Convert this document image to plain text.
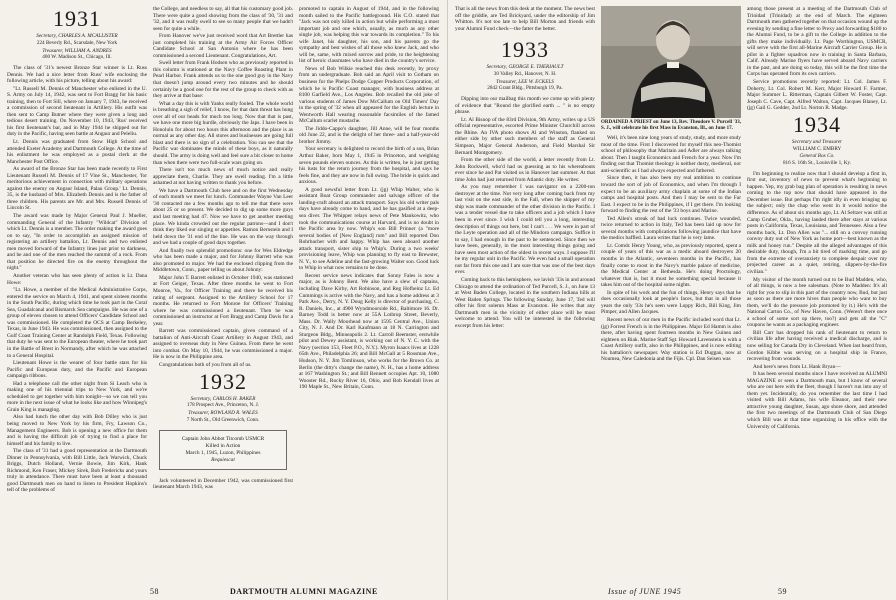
1931
Secretary, CHARLES A. MCALLISTER
224 Beverly Rd., Scarsdale, New York
Treasurer, WILLIAM A. ANDRES
400 W. Madison St., Chicago, Ill.

The class of '31's newest Bronze Star winner is Lt. Russ Dennis. We had a nice letter from Russ' wife enclosing the following article, with his picture, telling about his award:

"Lt. Russell M. Dennis of Manchester who enlisted in the U. S. Army on July 14, 1942, was sent to Fort Bragg for his basic training, then to Fort Sill, where on January 7, 1943, he received a commission of second lieutenant in Artillery. His outfit was then sent to Camp Butner where they were given a long and tedious desert training. On November 10, 1943, 'Rus' received his first lieutenant's bar, and in May 1944 he shipped out for duty in the Pacific, having seen battle at Angaur and Peleliu.

Lt. Dennis was graduated from Stow High School and attended Exeter Academy and Dartmouth College. At the time of his enlistment he was employed as a postal clerk at the Manchester Post Office.

As award of the Bronze Star has been made recently to First Lieutenant Russell M. Dennis of 17 Vine St., Manchester, 'for meritorious achievement in connection with military operations against the enemy on Angaur Island, Palau Group.' Lt. Dennis, 35, is the husband of Mrs. Elizabeth Dennis and is the father of three children. His parents are Mr. and Mrs. Russell Dennis of Lincoln St.

The award was made by Major General Paul J. Mueller, commanding General of the Infantry "Wildcat" Division of which Lt. Dennis is a member. The order making the award goes on to say, "In order to accomplish an assigned mission of registering an artillery battalion, Lt. Dennis and two enlisted men moved forward of the Infantry lines just prior to darkness, and he and one of the men reached the summit of a rock. From that position he directed fire on the enemy throughout the night."

Another veteran who has seen plenty of action is Lt. Dana Howe:

"Lt. Howe, a member of the Medical Administrative Corps, entered the service on March 4, 1941, and spent sixteen months in the South Pacific, during which time he took part in the Coral Sea, Guadalcanal and Bismarck Sea campaigns. He was one of a group of eleven chosen to attend Officers' Candidate School and was commissioned. He completed the OCS at Camp Berkeley, Texas, in June 1943. He was commissioned, then assigned to the Gulf Coast Training Center at Randolph Field, Texas. Following that duty he was sent to the European theater, where he took part in the Battle of Brest in Normandy, after which he was attached to a General Hospital.

Lieutenant Howe is the wearer of four battle stars for his Pacific and European duty, and the Pacific and European campaign ribbons.

Had a telephone call the other night from Si Leach who is making one of his triennial trips to New York, and we're scheduled to get together with him tonight—so we can tell you more in the next issue of what he looks like and how Winnipeg's Grain King is managing.

Also had lunch the other day with Bob Dilley who is just being moved to New York by his firm, Fry, Lawson Co., Management Engineers. Bob is opening a new office for them and is having the difficult job of trying to find a place for himself and his family to live.

The class of '31 had a good representation at the Dartmouth Dinner in Pennsylvania, with Bill Little, Jack Warwick, Chuck Briggs, Dutch Holland, Vernie Bowie, Jim Kirk, Hank Richmond, Ken Fraser, Mickey Sirek, Bob Fredericks and yours truly in attendance. There must have been at least a thousand good Dartmouth men on hand to listen to President Hopkins's tell of the problems of

the College, and needless to say, all that his customary good job. There were quite a good showing from the class of '30, '31 and '32, and it was really swell to see so many people that we hadn't seen for quite a while.

From Hanover we've just received word that Art Brettler has just completed his training at the Army Air Forces Officer Candidate School at San Antonio where he has been commissioned a second Lieutenant. Congratulations, Art.

Swell letter from Frank Hodsen who as previously reported in this column is stationed at the Navy Coffee Roasting Plant in Pearl Harbor. Frank attends us to the one good guy in the Navy that doesn't jump around every two minutes and he should certainly be a good one for the rest of the group to check with as they arrive at that base:

What a day this is with Yanks really fooled. The whole world is breathing a sigh of relief, I know, for that dam threat has hung over all of our heads for much too long. Now that that is past, we have one more big hurdle, obviously the Japs. I have been in Honolulu for about two hours this afternoon and the place is as normal as any other day. All stores and businesses are going full blast and there is no sign of a celebration. You can see that the Pacific war dominates the minds of these boys, as it naturally should. The army is doing well and feel sure a bit closer to home than when there were two full-scale wars going on.

There isn't too much news of much notice and really appreciate them, Charlie. They are swell reading. I'm a little ashamed at not having written to thank you before.

We have a Dartmouth Club here and on the first Wednesday of each month we meet for lunch. Commander Wayne Van Leer '30 contacted me a few months ago to tell me that there were about 25 or so present. We decided to dig up some more guys and last meeting had 47. Now we have to get another meeting place. We kinda crowded out the regular patrons—and I don't think they liked our singing or appetites. Ramon Bernstein and I held down the '31 end of the line. He was on the way through and we had a couple of good days together.

And finally two splendid promotions: one for Wes Eldredge who has been made a major, and for Johnny Barrett who was also promoted to major. We had the enclosed clipping from the Middletown, Conn., paper telling us about Johnny:

Major John T. Barrett enlisted in October 1940, was stationed at Fort Geiger, Texas. After three months he went to Fort Monroe, Va., for Officer Training and there he received his rating of sergeant. Assigned to the Artillery School for 17 months. He returned to Fort Monroe for Officers' Training where he was commissioned a lieutenant. Then he was commissioned an instructor at Fort Bragg and Camp Davis for a year.

Barrett was commissioned captain, given command of a battalion of Anti-Aircraft Coast Artillery in August 1943, and assigned to overseas duty in New Guinea. From there he went into combat. On May 10, 1944, he was commissioned a major. He is now in the Philippine area.

Congratulations both of you from all of us.

1932
Secretary, CARLOS H. BAKER
178 Prospect Ave., Princeton, N. J.
Treasurer, ROWLAND R. WALES
7 North St., Old Greenwich, Conn.
Captain John Abbot Titcomb USMCR
Killed in Action
March 1, 1945, Luzon, Philippines
Requiescat

Jack volunteered in December 1942, was commissioned first lieutenant March 1943, was

promoted to captain in August of 1944, and in the following month sailed to the Pacific battleground. His C.O. stated that "Jack was not only killed in action but while performing a most important job and one which, usually, as much as any other single job, was helping this war towards its completion." To his wife Janet, his daughter, his son, and his parents go the sympathy and best wishes of all those who knew Jack, and who will be, same, with mixed sorrow and pride, to the heightening list of heroic classmates who have died in the country's service.

News of Bob Wilkie reached this desk recently, by proxy from an undergraduate. Bob said an April visit to Gotham on business for the Phelps Dodge Copper Products Corporation, of which he is Pacific Coast manager, with business address at 8100 Garfield Ave., Los Angeles. Bob recalled the old joke of various students of James Dow McCallum on Old Timers' Day in the spring of '32 when all appeared for the English lecture in Wentworth Hall wearing reasonable facsimiles of the famed McCallum scarlet mustache.

The Jiddo-Cappo's daughter, Jill Anne, will be four months old June 22, and is the delight of her three- and a half-year-old brother Jimmy.

Your secretary is delighted to record the birth of a son, Brian Arthur Baker, born May 1, 1945 in Princeton, and weighing seven pounds eleven ounces. As this is written, he is just getting his lusts for the return journey from the hospital, and says he feels fine, and they are now in full swing. The bride is quick and anxious.

A good newsful letter from Lt. (jg) Whip Walter, who is assistant Boat Group commander and salvage officer of the landing-craft aboard an attack transport. Says his old writer pals days have already come to hand, and he has gasified at a deep-sea diver. The Whipper relays news of Pete Mankowitz, who took the communications course at Harvard, and is no doubt in the Pacific area by now. Whip's son Bill Prinner (a "more several bodies of [New England] rum" and Bill reported Don Rohrbacher with and happy. Whip has seen aboard another attack transport, sister ship to Whip's. During a two weeks' provisioning leave, Whip was planning to fly east to Brewster, N. Y., to see Adeline and the fast-growing Walter son. Good luck to Whip in what now remains to be done.

Recent service news indicates that Sonny Fales is now a major, as is Johnny Bent. We also have a slew of captains, including Dave Kirby, Art Robinson, and Reg Hofheinz Lt. Ed Cummings is active with the Navy, and has a home address at 3 Park Ave., Derry, N. Y. Doug Kelly is director of purchasing, C. R. Daniels, Inc., at 4900 Wyndmoorside Rd., Baltimore 16. Dr. Barney Todd is better now at 55A Lothrop Street, Beverly, Mass. Dr. Wally Moorhead now at 1595 Central Ave., Union City, N. J. And Dr. Karl Kaufmann at 18 N. Carrington and Sturgeon Bldg., Minneapolis 2. Lt. Carroll Beemster, erstwhile pilot and Dewey assistant, is working out of N. Y. C. with the Navy (section 153, Fleet P.O., N.Y.). Myron Isaacs lives at 1228 65th Ave., Philadelphia 26; and Bill McGall at 5 Rossman Ave., Hudson, N. Y. Jim Tomlinson, who works for the Brown Co. at Berlin (the ditty's change the name), N. H., has a home address at 167 Washington St.; and Bill Bennett occupies Apt. 10, 1080 Wooster Rd., Rocky River 16, Ohio, and Bob Kendall lives at 190 Maple St., New Britain, Conn.

58	DARTMOUTH ALUMNI MAGAZINE

That is all the news from this desk at the moment. The news best off the griddle, are Ted Brickyard, under the editorship of Jim Whitton. It's not too late to help Bill Morton and friends with your Alumni Fund check—the fatter the better.

1933
Secretary, GEORGE E. THERIAULT
30 Valley Rd., Hanover, N. H.
Treasurer, LEE W. ECKELS
2842 Grant Bldg., Pittsburgh 19, Pa.

Dipping into our mailbag this month we come up with plenty of evidence that "Round the glorified earth ... " is no empty phrase.

Lt. Al Bisnop of the 83rd Division, 9th Army, writes up a US official representative, escorted Prime Minister Churchill across the Rhine. An IVA photo shows Al and Winston, flanked on either side by other such members of the staff as General Simpson, Major General Anderson, and Field Marshal Sir Bernard Montgomery.

From the other side of the world, a letter recently from Lt. John Rockwell, who'd had us guessing as to his whereabouts ever since he and Pat visited us in Hanover last summer. At that time John had just returned from Atlantic duty. He writes:

As you may remember I was navigator on a 2200-ton destroyer at the time. Not very long after coming back from my last visit on the east side, in the Fall, when the skipper of my ship was made commander of the other division in the Pacific. I was a tender vessel due to take officers and a job which I have been in ever since. I wish I could tell you a long, interesting description of things out here, but I can't . . . We were in part of the Leyte operation and all of the Mindoro campaign. Suffice it to say, I had enough in the past to be sentenced. Since then we have been, generally, in the most interesting things going and have seen most action of the oldest in recent ways. I suppose I'll be my regular unit in the Pacific. We even had a small operation not far from this one and I am sure that was one of the best days ever.

Coming back to this hemisphere, we lavish '33s in and around Chicago to attend the ordination of Ted Purcell, S. J., on June 13 at West Baden College, located in the southern Indiana hills at West Baden Springs. The following Sunday, June 17, Ted will offer his first solemn Mass at Evanston. He writes that any Dartmouth men in the vicinity of either place will be most welcome to attend. You will be interested in the following excerpt from his letter:

ORDAINED A PRIEST on June 13, Rev. Theodore V. Purcell '33, S. J., will celebrate his first Mass in Evanston, Ill., on June 17.

Well, it's been nine long years of study, study, and more study most of the time. First I discovered for myself this neo-Thomist school of philosophy that Maritain and Adler are always talking about. Then I taught Economics and French for a year. Now I'm finding out that Thomist theology is neither dusty, medieval, nor anti-scientific as I had always expected and fathered.

Since then, it has also been my real ambition to continue toward the sort of job of Economics, and when I'm through I expect to be an auxiliary army chaplain at some of the Indian camps and hospital posts. And then I may be sent to the Far East. I expect to be in the Philippines, if I get there. I'm looking forward to finding the rest of the '33 boys and Marine.

Ted Allen's streak of bad luck continues. Twice wounded, twice returned to action in Italy, Ted has been laid up now for several months with complications following jaundice that have the medics baffled. Laura writes that he is very lame.

Lt. Comdr. Henry Young, who, as previously reported, spent a couple of years of this war as a medic aboard destroyers 20 months in the Atlantic, seventeen months in the Pacific, has finally come to roost in the Navy's marble palace of medicine, the Medical Center at Bethesda. He's doing Proctology, whatever that is, but it must be something special because it takes him out of the hospital some nights.

In spite of his work and the fun of things, Henry says that he does occasionally look at people's faces, but that in all those years the only '33s he's seen were Loppy Rich, Bill King, Jim Pimper, and Allen Jacques.

Recent news of our men in the Pacific included word that Lt. (jg) Forrest French is in the Philippines. Major Ed Hamm is also there, after having spent fourteen months in New Guinea and eighteen on Biak. Marine Staff Sgt. Howard Lavenstein is with a Coast Artillery outfit, also in the Philippines, and is now editing his battalion's newspaper. Way station is Ed Duggan, now at Noumea, New Caledonia and the Fijis. Cpl. Dan Seisen was

among those present at a meeting of the Dartmouth Club of Trinidad (Trinidad) at the end of March. The eighteen Dartmouth men gathered together on that occasion wound up the evening by sending a fine letter to Prexy and forwarding $180 to the Alumni Fund, to be a gift to the College in addition to the gifts they make individually. Lt. Page Worthington, USMCR, will serve with the first all-Marine Aircraft Carrier Group. He is pilot in a fighter squadron now in training in Santa Barbara, Calif. Already Marine flyers have served aboard Navy carriers in the past, and are doing so today, this will be the first time the Corps has operated from its own carriers.

Service promotions recently reported: Lt. Col. James F. Doherty, Lt. Col. Robert M. Kerr, Major Howard F. Farmer, Major Summer L. Ritterman, Captain Gilbert W. Foster, Capt. Joseph C. Cave, Capt. Alfred Walton, Capt. Jacques Blaney, Lt. (jg) Gail G. Gedder, 2nd Lt. Norton R. Madge.

1934
Secretary and Treasurer
WILLIAM C. EMBRY
General Box Co.
816 S. 16th St., Louisville 1, Ky.

I'm beginning to realize now that I should develop a first in, first out, inventory of news to prevent what's beginning to happen. Yep, my grab bag plan of operation is resulting in news coming to the top now that should have appeared in the December issue. But perhaps I'm right idly in even bringing up the subject; only the chap who went in it would notice the difference. As of about six months ago, Lt. Al Seltzer was still at Camp Gruber, Okla., having landed there after stays at various posts in California, Texas, Louisiana, and Tennessee. Also a few months back, Lt. Don Allen was "... still on a convoy running convoy duty out of New York as home port—best known as the milk and honey run." Despite all the alleged advantages of this desirable duty, though, I'm a bit tired of marking time, and go from the extreme of overanxiety to complete despair over my projected career as a quiet, retiring, slippers-by-the-fire civilian."

My visitor of the month turned out to be Bud Madden, who, of all things, is now a bee salesman. (Note to Madden: It's all right for you to slip in this part of the country now, Bud, but just as soon as there are more hives than people who want to buy them, we'll do the pressure job promoted by it.) He's with the National Carton Co., of New Haven, Conn. (Weren't there once a school of some sort up there, too?) and gets all the "C" coupons he wants as a packaging engineer.

Bill Carr has dropped his rank of lieutenant to return to civilian life after having received a medical discharge, and is now selling for Canada Dry in Cleveland. When last heard from, Gordon Kibbe was serving on a hospital ship in France, recovering from wounds.

And here's news from Lt. Hank Bryan—

It has been several months since I have received an ALUMNI MAGAZINE or seen a Dartmouth man, but I know of several who are out here with the fleet, though I haven't run into any of them yet. Incidentally, do you remember the last time I had visited with Bill Adams, his wife Eleanor, and their new attractive young daughter, Susan, ago shore shore, and attended the first two meetings of the Dartmouth Club of San Diego which Bill was at that time organizing in his office with the University of California.

Issue of JUNE 1945	59
